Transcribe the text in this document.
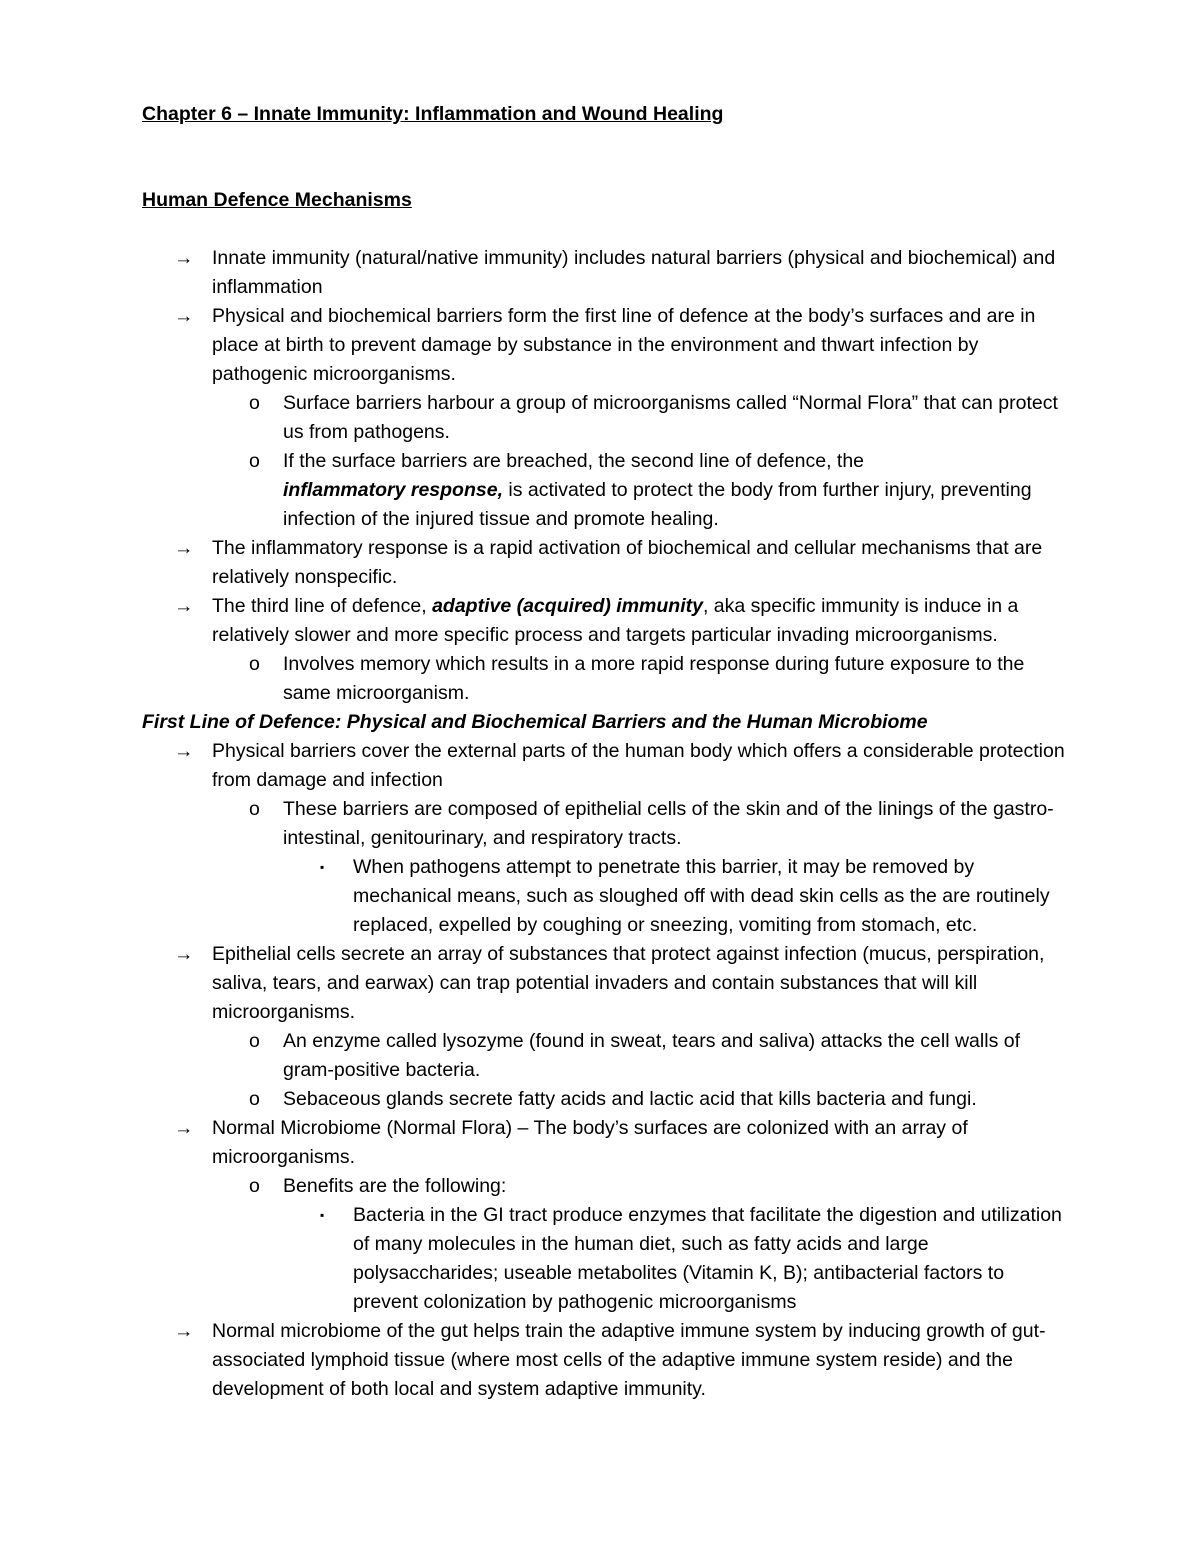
Chapter 6 – Innate Immunity: Inflammation and Wound Healing
Human Defence Mechanisms
→ Innate immunity (natural/native immunity) includes natural barriers (physical and biochemical) and inflammation
→ Physical and biochemical barriers form the first line of defence at the body’s surfaces and are in place at birth to prevent damage by substance in the environment and thwart infection by pathogenic microorganisms.
o Surface barriers harbour a group of microorganisms called “Normal Flora” that can protect us from pathogens.
o If the surface barriers are breached, the second line of defence, the
inflammatory response, is activated to protect the body from further injury, preventing infection of the injured tissue and promote healing.
→ The inflammatory response is a rapid activation of biochemical and cellular mechanisms that are relatively nonspecific.
→ The third line of defence, adaptive (acquired) immunity, aka specific immunity is induce in a relatively slower and more specific process and targets particular invading microorganisms.
o Involves memory which results in a more rapid response during future exposure to the same microorganism.

First Line of Defence: Physical and Biochemical Barriers and the Human Microbiome

→ Physical barriers cover the external parts of the human body which offers a considerable protection from damage and infection
o These barriers are composed of epithelial cells of the skin and of the linings of the gastro-intestinal, genitourinary, and respiratory tracts.
▪ When pathogens attempt to penetrate this barrier, it may be removed by mechanical means, such as sloughed off with dead skin cells as the are routinely replaced, expelled by coughing or sneezing, vomiting from stomach, etc.
→ Epithelial cells secrete an array of substances that protect against infection (mucus, perspiration, saliva, tears, and earwax) can trap potential invaders and contain substances that will kill microorganisms.
o An enzyme called lysozyme (found in sweat, tears and saliva) attacks the cell walls of gram-positive bacteria.
o Sebaceous glands secrete fatty acids and lactic acid that kills bacteria and fungi.
→ Normal Microbiome (Normal Flora) – The body’s surfaces are colonized with an array of microorganisms.
o Benefits are the following:
▪ Bacteria in the GI tract produce enzymes that facilitate the digestion and utilization of many molecules in the human diet, such as fatty acids and large polysaccharides; useable metabolites (Vitamin K, B); antibacterial factors to prevent colonization by pathogenic microorganisms
→ Normal microbiome of the gut helps train the adaptive immune system by inducing growth of gut-associated lymphoid tissue (where most cells of the adaptive immune system reside) and the development of both local and system adaptive immunity.
